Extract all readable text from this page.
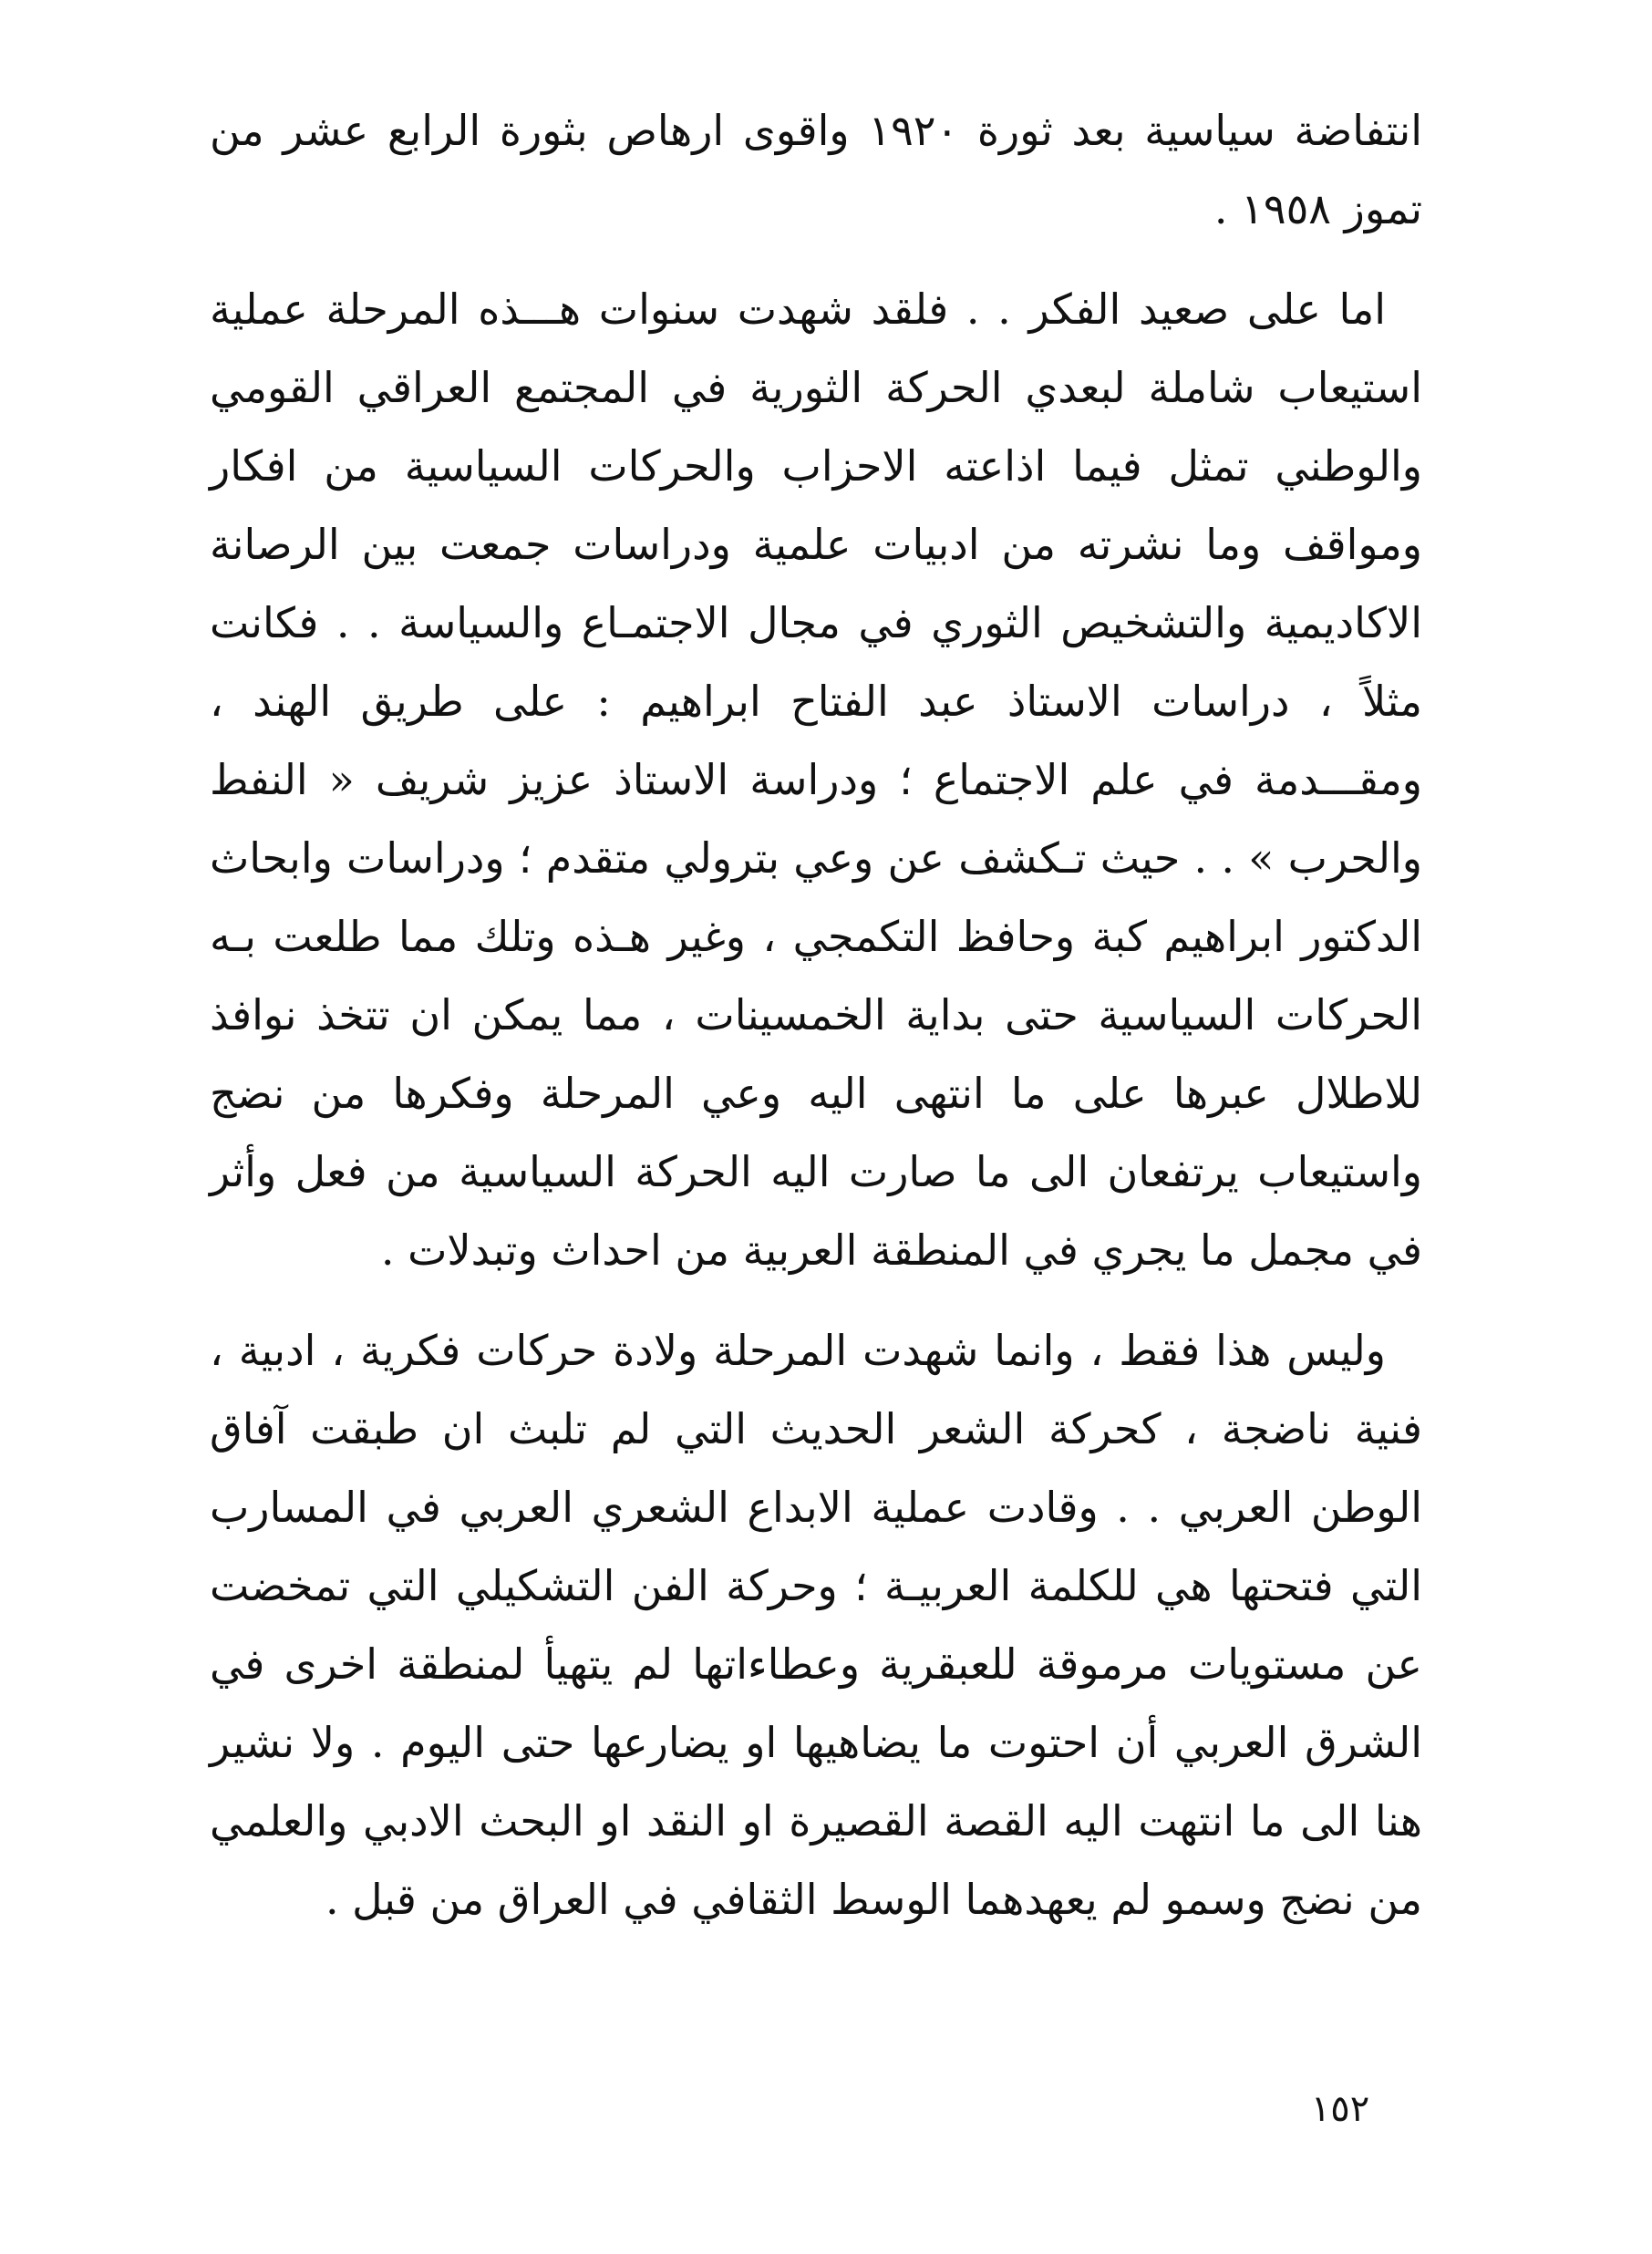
انتفاضة سياسية بعد ثورة ١٩٢٠ واقوى ارهاص بثورة الرابع عشر من تموز ١٩٥٨ .

اما على صعيد الفكر . . فلقد شهدت سنوات هـــذه المرحلة عملية استيعاب شاملة لبعدي الحركة الثورية في المجتمع العراقي القومي والوطني تمثل فيما اذاعته الاحزاب والحركات السياسية من افكار ومواقف وما نشرته من ادبيات علمية ودراسات جمعت بين الرصانة الاكاديمية والتشخيص الثوري في مجال الاجتمـاع والسياسة . . فكانت مثلاً ، دراسات الاستاذ عبد الفتاح ابراهيم : على طريق الهند ، ومقـــدمة في علم الاجتماع ؛ ودراسة الاستاذ عزيز شريف « النفط والحرب » . . حيث تـكشف عن وعي بترولي متقدم ؛ ودراسات وابحاث الدكتور ابراهيم كبة وحافظ التكمجي ، وغير هـذه وتلك مما طلعت بـه الحركات السياسية حتى بداية الخمسينات ، مما يمكن ان تتخذ نوافذ للاطلال عبرها على ما انتهى اليه وعي المرحلة وفكرها من نضج واستيعاب يرتفعان الى ما صارت اليه الحركة السياسية من فعل وأثر في مجمل ما يجري في المنطقة العربية من احداث وتبدلات .

وليس هذا فقط ، وانما شهدت المرحلة ولادة حركات فكرية ، ادبية ، فنية ناضجة ، كحركة الشعر الحديث التي لم تلبث ان طبقت آفاق الوطن العربي . . وقادت عملية الابداع الشعري العربي في المسارب التي فتحتها هي للكلمة العربيـة ؛ وحركة الفن التشكيلي التي تمخضت عن مستويات مرموقة للعبقرية وعطاءاتها لم يتهيأ لمنطقة اخرى في الشرق العربي أن احتوت ما يضاهيها او يضارعها حتى اليوم . ولا نشير هنا الى ما انتهت اليه القصة القصيرة او النقد او البحث الادبي والعلمي من نضج وسمو لم يعهدهما الوسط الثقافي في العراق من قبل .

١٥٢
